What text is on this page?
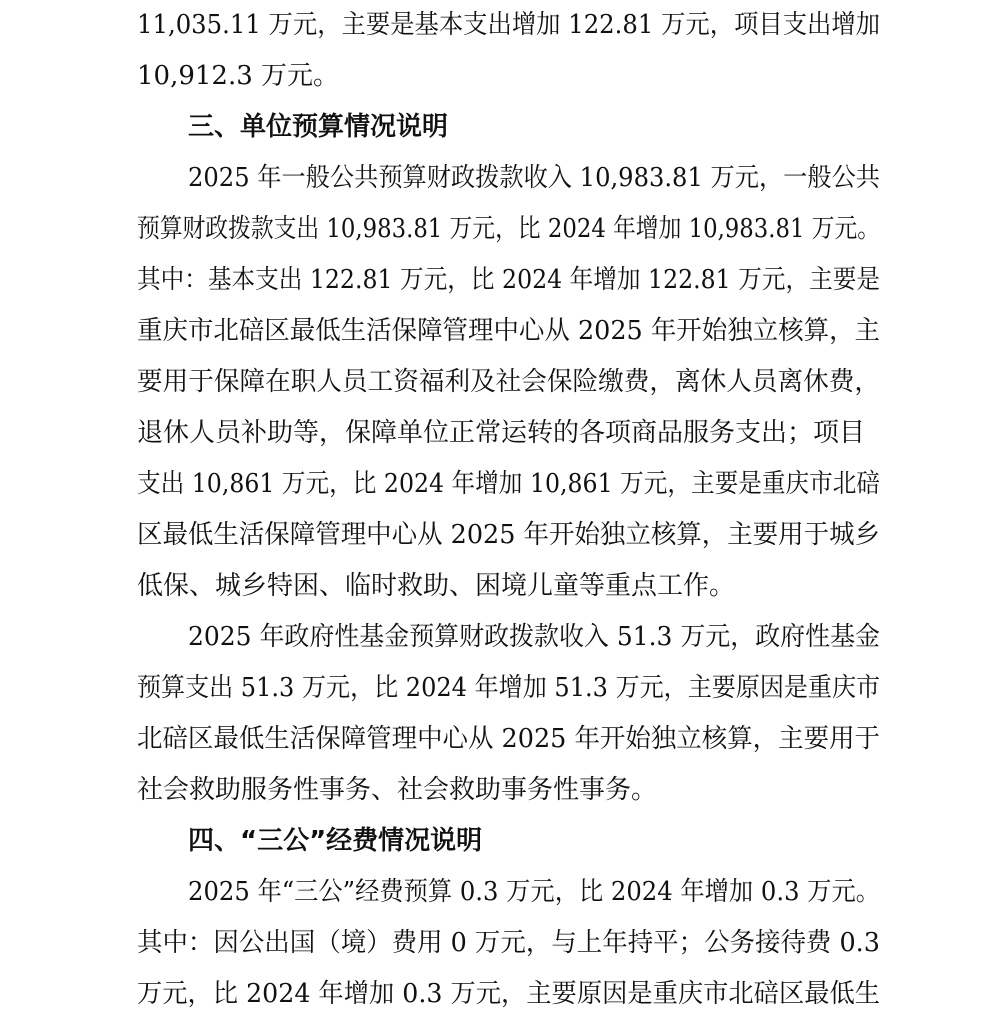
11,035.11 万元，主要是基本支出增加 122.81 万元，项目支出增加
10,912.3 万元。
三、单位预算情况说明
2025 年一般公共预算财政拨款收入 10,983.81 万元，一般公共
预算财政拨款支出 10,983.81 万元，比 2024 年增加 10,983.81 万元。
其中：基本支出 122.81 万元，比 2024 年增加 122.81 万元，主要是
重庆市北碚区最低生活保障管理中心从 2025 年开始独立核算，主
要用于保障在职人员工资福利及社会保险缴费，离休人员离休费，
退休人员补助等，保障单位正常运转的各项商品服务支出；项目
支出 10,861 万元，比 2024 年增加 10,861 万元，主要是重庆市北碚
区最低生活保障管理中心从 2025 年开始独立核算，主要用于城乡
低保、城乡特困、临时救助、困境儿童等重点工作。
2025 年政府性基金预算财政拨款收入 51.3 万元，政府性基金
预算支出 51.3 万元，比 2024 年增加 51.3 万元，主要原因是重庆市
北碚区最低生活保障管理中心从 2025 年开始独立核算，主要用于
社会救助服务性事务、社会救助事务性事务。
四、“三公”经费情况说明
2025 年“三公”经费预算 0.3 万元，比 2024 年增加 0.3 万元。
其中：因公出国（境）费用 0 万元，与上年持平；公务接待费 0.3
万元，比 2024 年增加 0.3 万元，主要原因是重庆市北碚区最低生
